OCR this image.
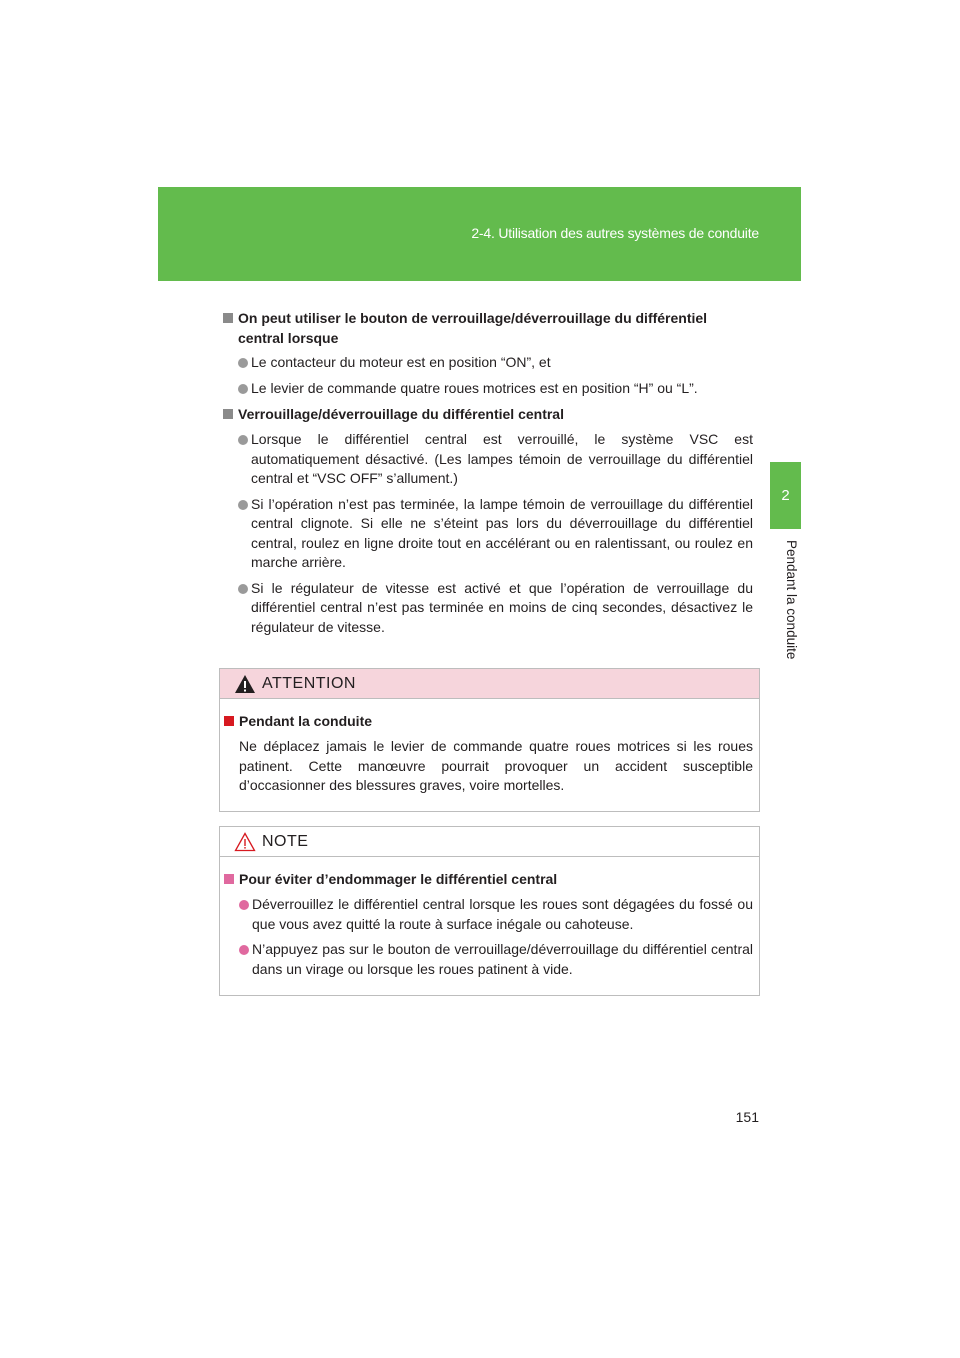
2-4. Utilisation des autres systèmes de conduite
2
Pendant la conduite

On peut utiliser le bouton de verrouillage/déverrouillage du différentiel central lorsque

Le contacteur du moteur est en position “ON”, et

Le levier de commande quatre roues motrices est en position “H” ou “L”.

Verrouillage/déverrouillage du différentiel central

Lorsque le différentiel central est verrouillé, le système VSC est automatiquement désactivé. (Les lampes témoin de verrouillage du différentiel central et “VSC OFF” s’allument.)

Si l’opération n’est pas terminée, la lampe témoin de verrouillage du différentiel central clignote. Si elle ne s’éteint pas lors du déverrouillage du différentiel central, roulez en ligne droite tout en accélérant ou en ralentissant, ou roulez en marche arrière.

Si le régulateur de vitesse est activé et que l’opération de verrouillage du différentiel central n’est pas terminée en moins de cinq secondes, désactivez le régulateur de vitesse.

ATTENTION

Pendant la conduite

Ne déplacez jamais le levier de commande quatre roues motrices si les roues patinent. Cette manœuvre pourrait provoquer un accident susceptible d’occasionner des blessures graves, voire mortelles.

NOTE

Pour éviter d’endommager le différentiel central

Déverrouillez le différentiel central lorsque les roues sont dégagées du fossé ou que vous avez quitté la route à surface inégale ou cahoteuse.

N’appuyez pas sur le bouton de verrouillage/déverrouillage du différentiel central dans un virage ou lorsque les roues patinent à vide.

151
